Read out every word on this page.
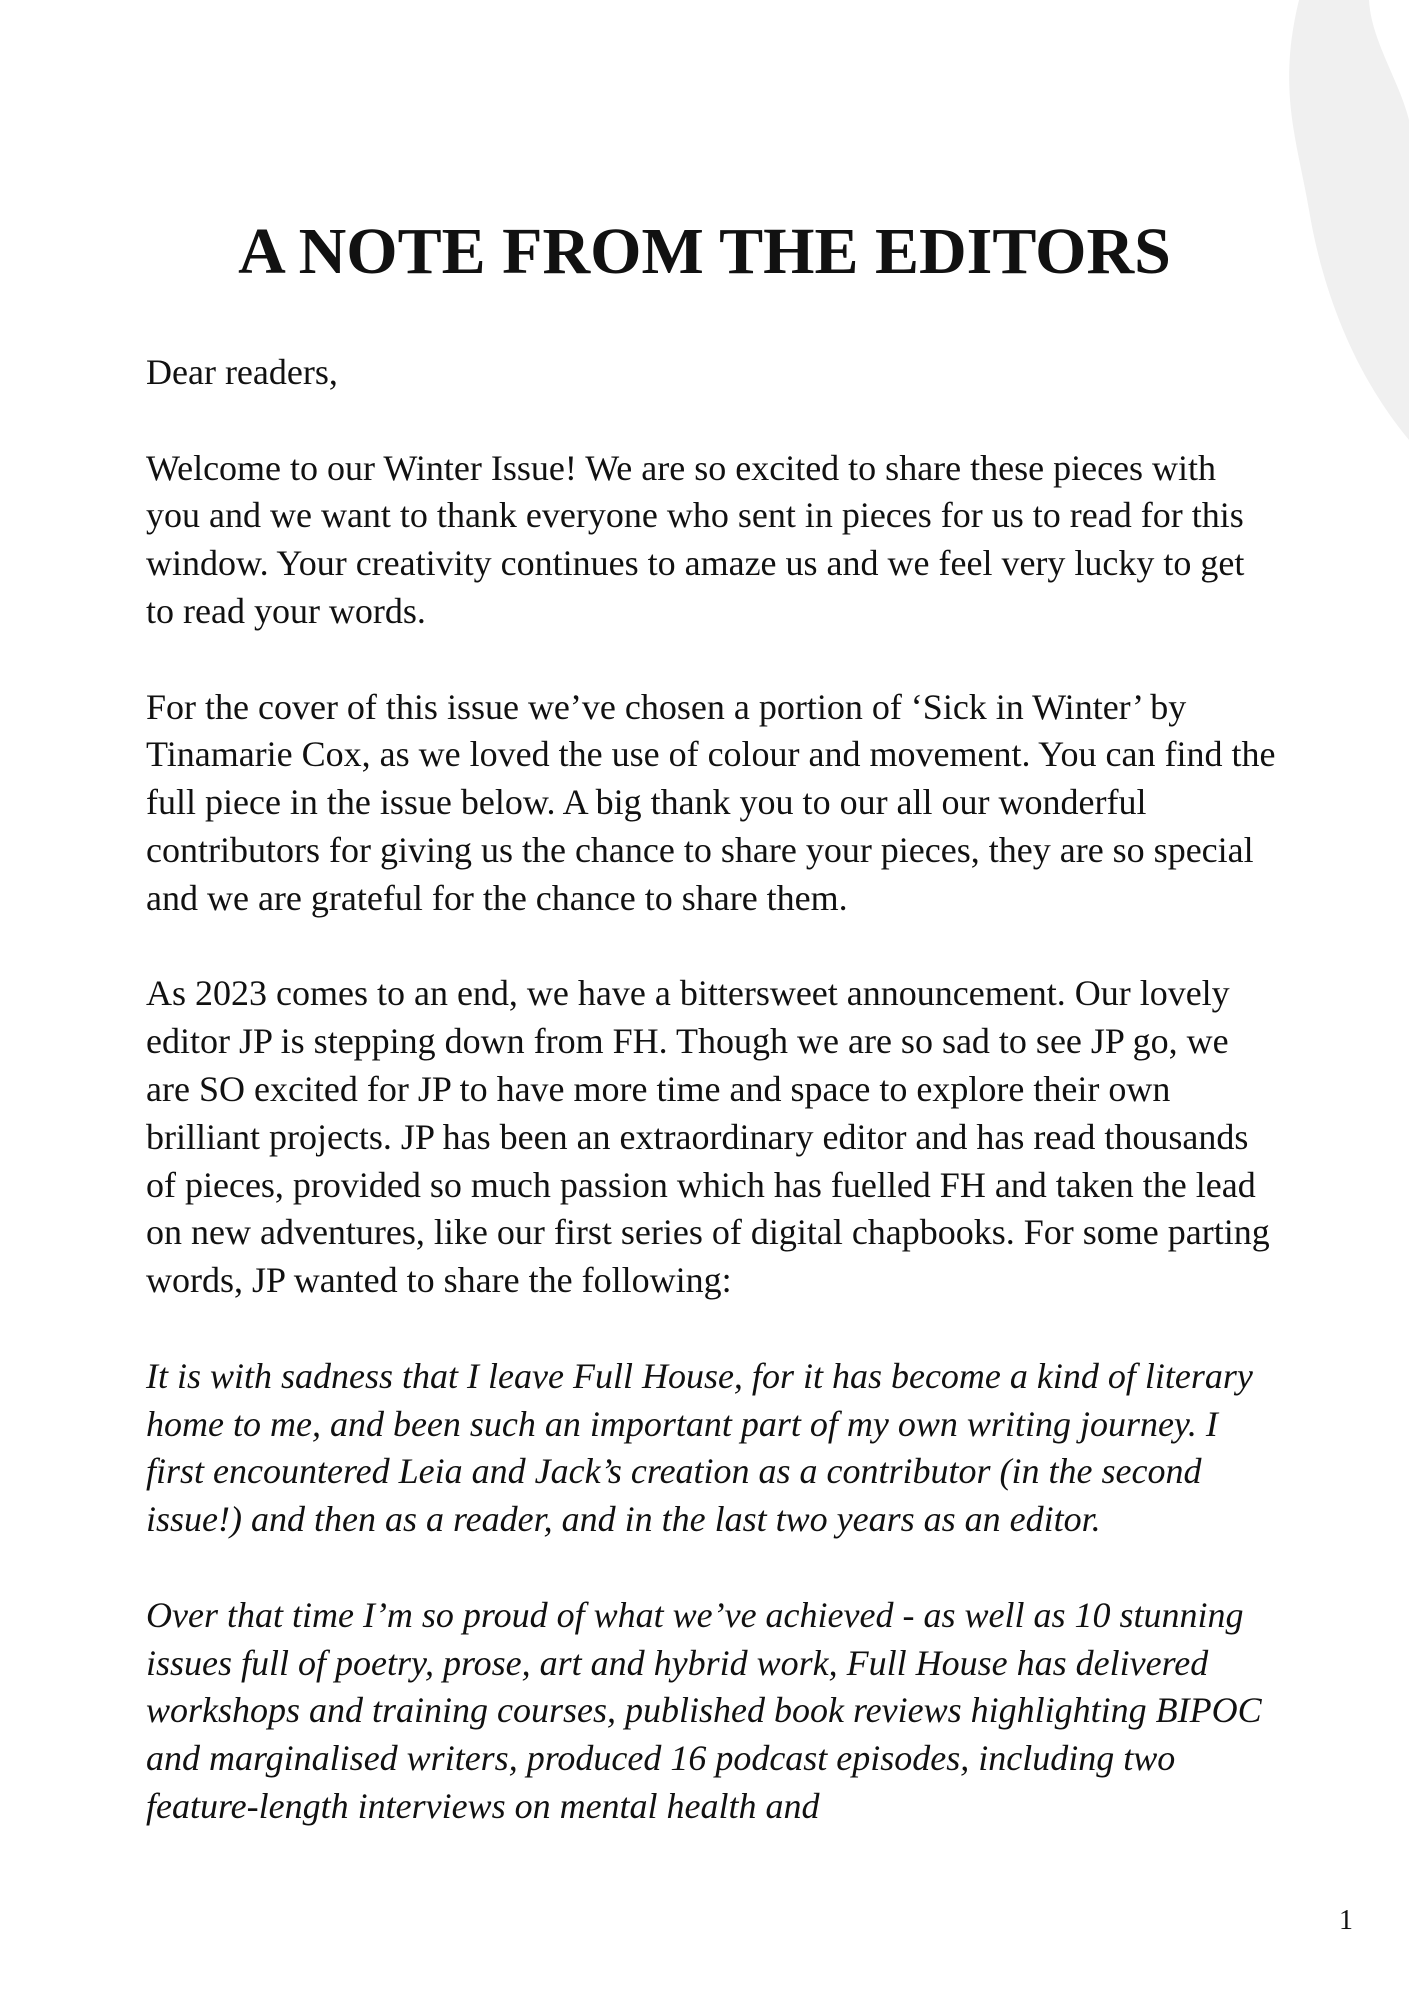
A NOTE FROM THE EDITORS

Dear readers,

Welcome to our Winter Issue! We are so excited to share these pieces with you and we want to thank everyone who sent in pieces for us to read for this window. Your creativity continues to amaze us and we feel very lucky to get to read your words.

For the cover of this issue we’ve chosen a portion of ‘Sick in Winter’ by Tinamarie Cox, as we loved the use of colour and movement. You can find the full piece in the issue below. A big thank you to our all our wonderful contributors for giving us the chance to share your pieces, they are so special and we are grateful for the chance to share them.

As 2023 comes to an end, we have a bittersweet announcement. Our lovely editor JP is stepping down from FH. Though we are so sad to see JP go, we are SO excited for JP to have more time and space to explore their own brilliant projects. JP has been an extraordinary editor and has read thousands of pieces, provided so much passion which has fuelled FH and taken the lead on new adventures, like our first series of digital chapbooks. For some parting words, JP wanted to share the following:

It is with sadness that I leave Full House, for it has become a kind of literary home to me, and been such an important part of my own writing journey. I first encountered Leia and Jack’s creation as a contributor (in the second issue!) and then as a reader, and in the last two years as an editor.

Over that time I’m so proud of what we’ve achieved - as well as 10 stunning issues full of poetry, prose, art and hybrid work, Full House has delivered workshops and training courses, published book reviews highlighting BIPOC and marginalised writers, produced 16 podcast episodes, including two feature-length interviews on mental health and

1
